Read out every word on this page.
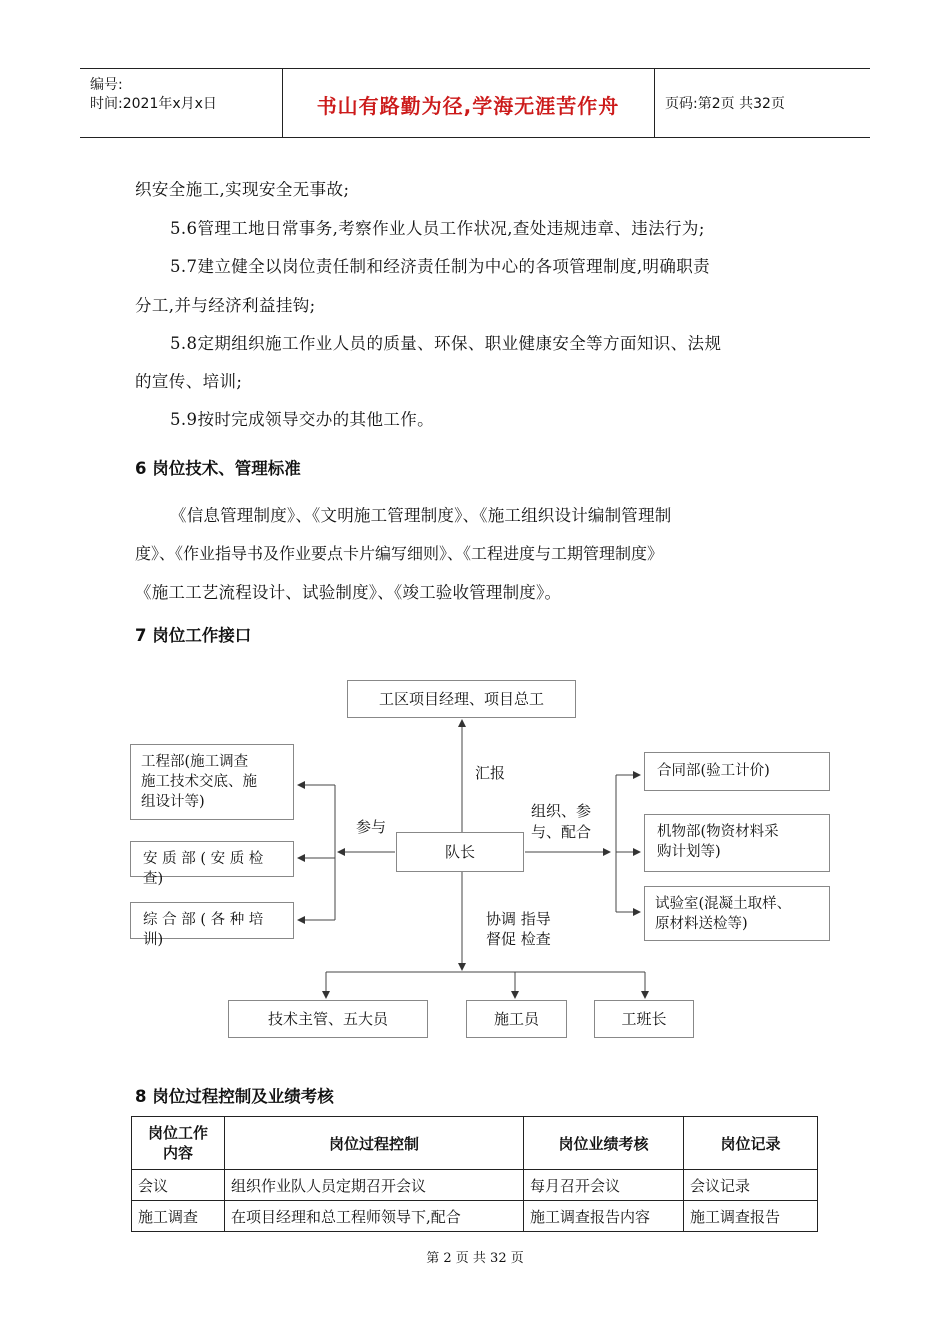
编号:
时间:2021年x月x日	书山有路勤为径,学海无涯苦作舟	页码:第2页 共32页
织安全施工,实现安全无事故;
5.6管理工地日常事务,考察作业人员工作状况,查处违规违章、违法行为;
5.7建立健全以岗位责任制和经济责任制为中心的各项管理制度,明确职责
分工,并与经济利益挂钩;
5.8定期组织施工作业人员的质量、环保、职业健康安全等方面知识、法规
的宣传、培训;
5.9按时完成领导交办的其他工作。
6 岗位技术、管理标准
《信息管理制度》、《文明施工管理制度》、《施工组织设计编制管理制
度》、《作业指导书及作业要点卡片编写细则》、《工程进度与工期管理制度》
《施工工艺流程设计、试验制度》、《竣工验收管理制度》。
7 岗位工作接口
工区项目经理、项目总工
队长
工程部(施工调查
施工技术交底、施
组设计等)
安 质 部 ( 安 质 检
查)
综 合 部 ( 各 种 培
训)
合同部(验工计价)
机物部(物资材料采
购计划等)
试验室(混凝土取样、
原材料送检等)
技术主管、五大员	施工员	工班长
汇报
参与
组织、参
与、配合
协调 指导
督促 检查
8 岗位过程控制及业绩考核
岗位工作
内容	岗位过程控制	岗位业绩考核	岗位记录
会议	组织作业队人员定期召开会议	每月召开会议	会议记录
施工调查	在项目经理和总工程师领导下,配合	施工调查报告内容	施工调查报告
第 2 页 共 32 页
